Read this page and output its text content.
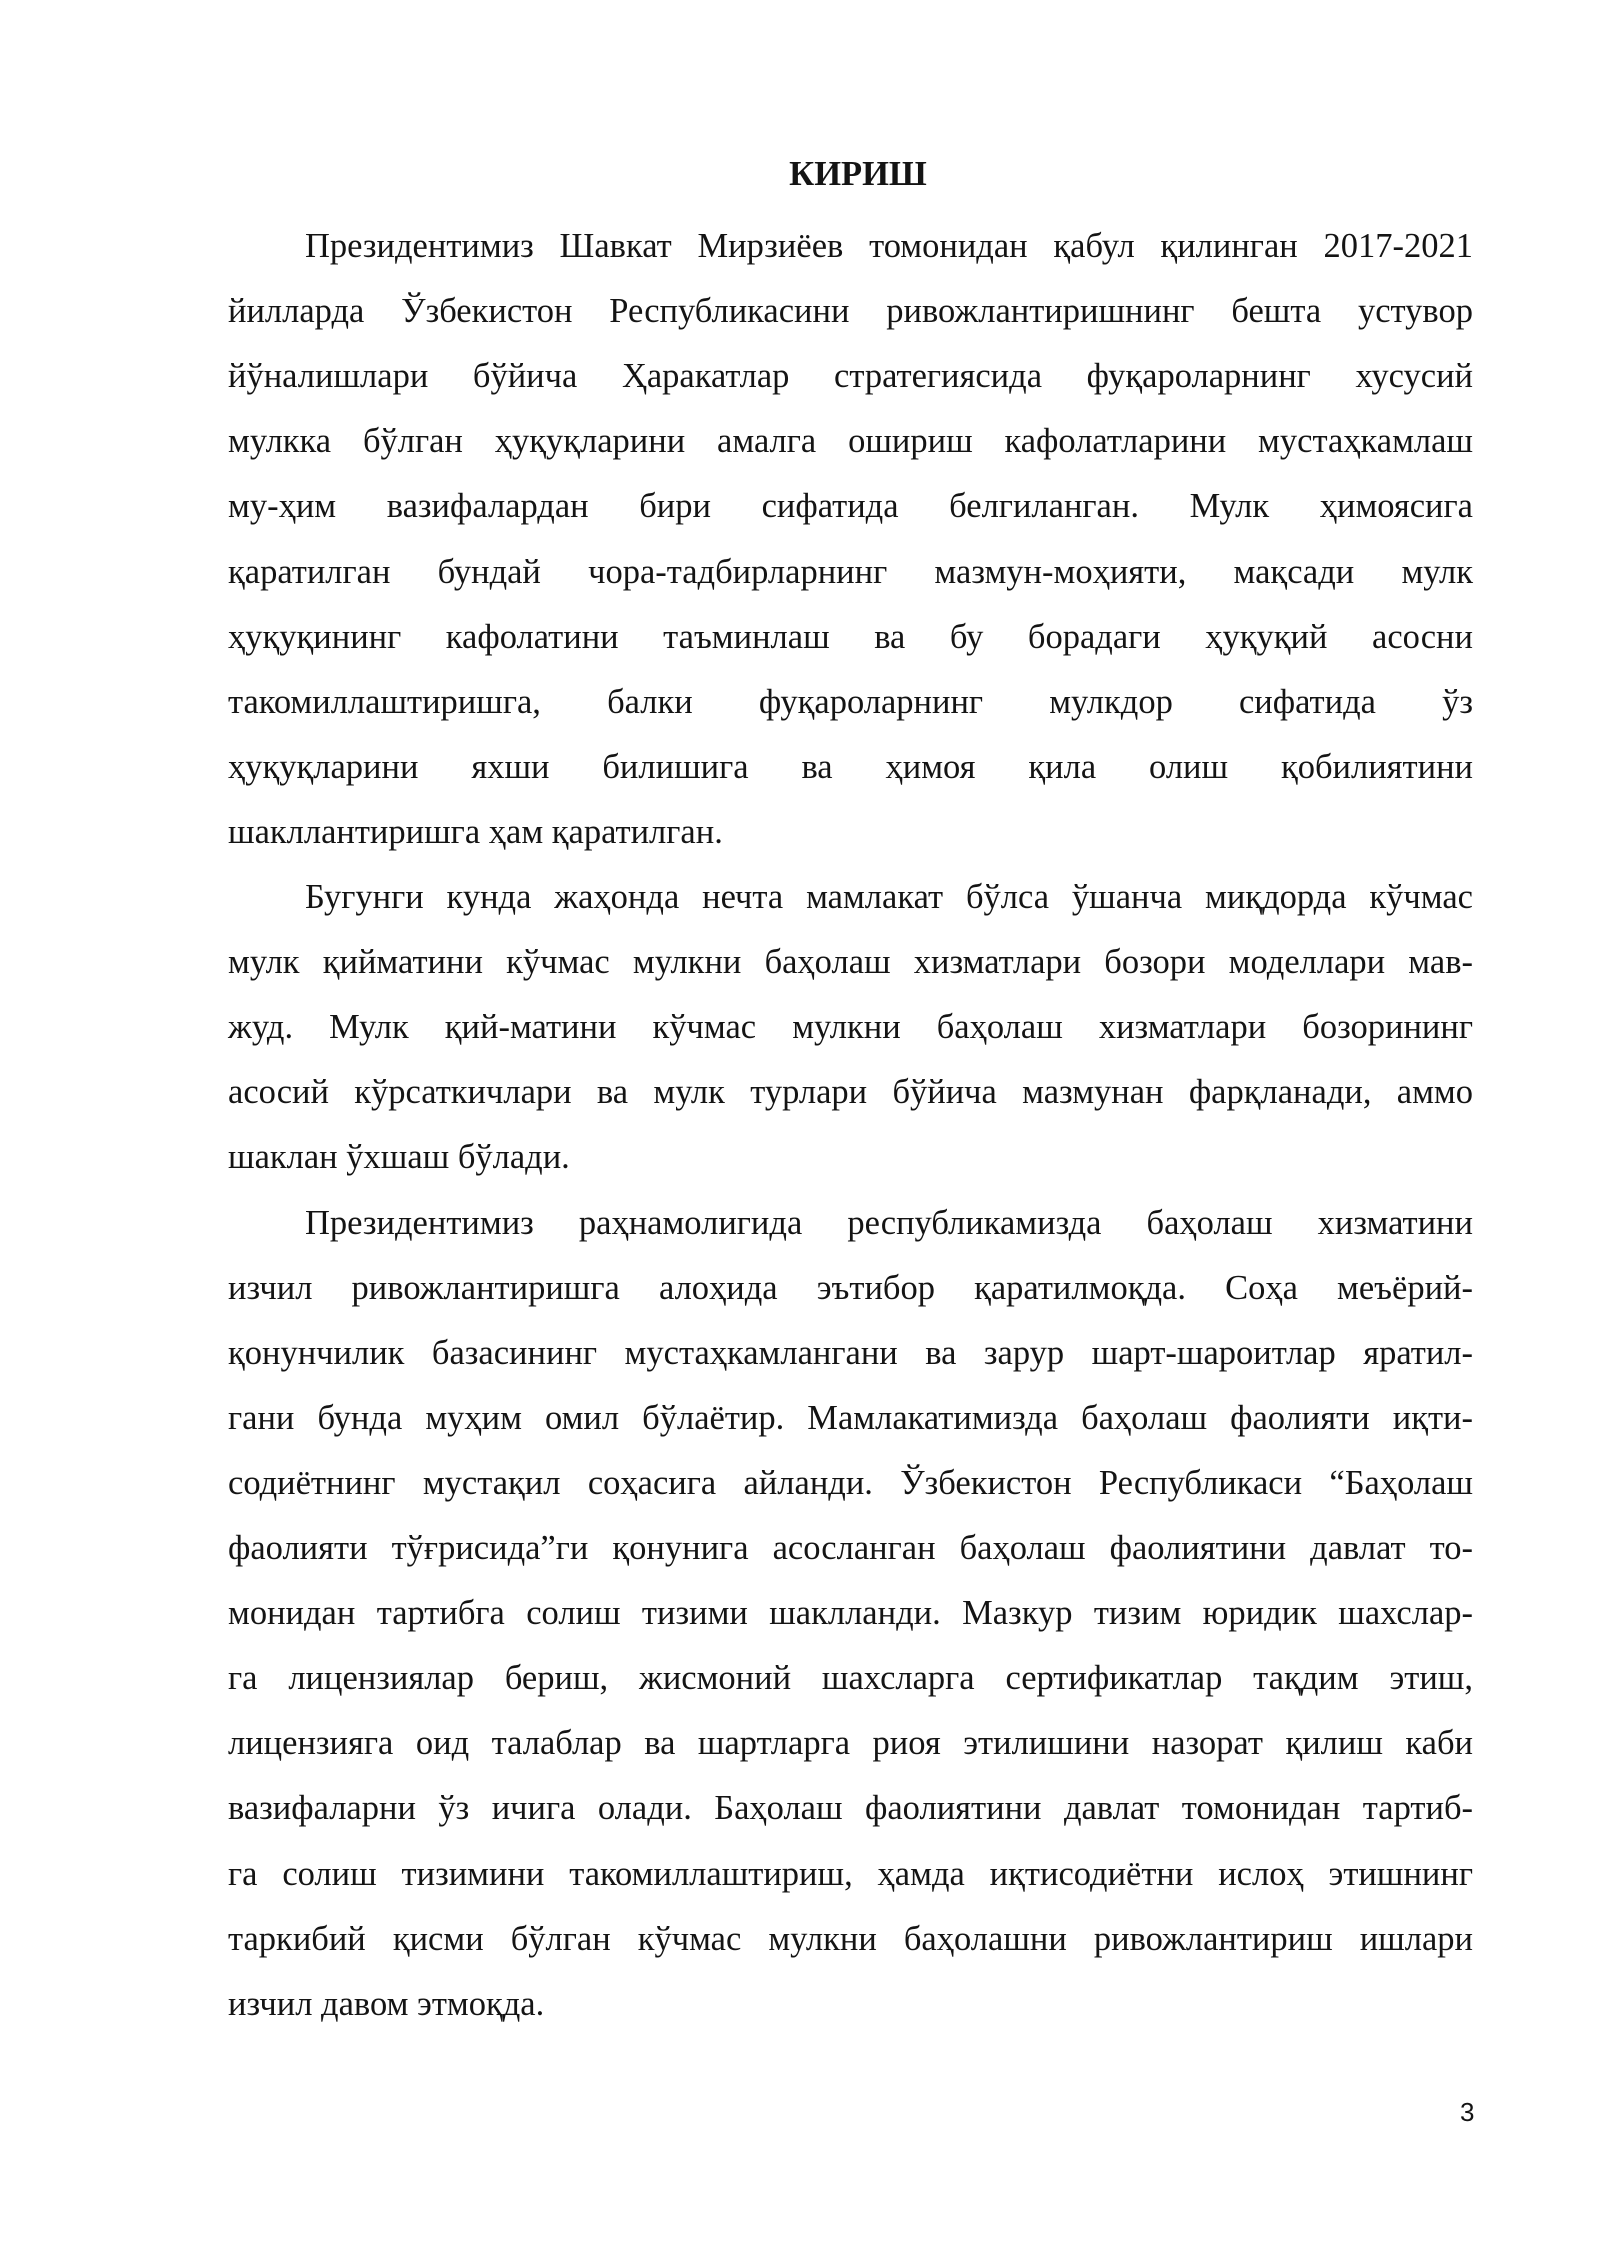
КИРИШ
Президентимиз Шавкат Мирзиёев томонидан қабул қилинган 2017-2021
йилларда Ўзбекистон Республикасини ривожлантиришнинг бешта устувор
йўналишлари бўйича Ҳаракатлар стратегиясида фуқароларнинг хусусий
мулкка бўлган ҳуқуқларини амалга ошириш кафолатларини мустаҳкамлаш
му-ҳим вазифалардан бири сифатида белгиланган. Мулк ҳимоясига
қаратилган бундай чора-тадбирларнинг мазмун-моҳияти, мақсади мулк
ҳуқуқининг кафолатини таъминлаш ва бу борадаги ҳуқуқий асосни
такомиллаштиришга, балки фуқароларнинг мулкдор сифатида ўз
ҳуқуқларини яхши билишига ва ҳимоя қила олиш қобилиятини
шакллантиришга ҳам қаратилган.
Бугунги кунда жаҳонда нечта мамлакат бўлса ўшанча миқдорда кўчмас
мулк қийматини кўчмас мулкни баҳолаш хизматлари бозори моделлари мав-
жуд. Мулк қий-матини кўчмас мулкни баҳолаш хизматлари бозорининг
асосий кўрсаткичлари ва мулк турлари бўйича мазмунан фарқланади, аммо
шаклан ўхшаш бўлади.
Президентимиз раҳнамолигида республикамизда баҳолаш хизматини
изчил ривожлантиришга алоҳида эътибор қаратилмоқда. Соҳа меъёрий-
қонунчилик базасининг мустаҳкамлангани ва зарур шарт-шароитлар яратил-
гани бунда муҳим омил бўлаётир. Мамлакатимизда баҳолаш фаолияти иқти-
содиётнинг мустақил соҳасига айланди. Ўзбекистон Республикаси “Баҳолаш
фаолияти тўғрисида”ги қонунига асосланган баҳолаш фаолиятини давлат то-
монидан тартибга солиш тизими шаклланди. Мазкур тизим юридик шахслар-
га лицензиялар бериш, жисмоний шахсларга сертификатлар тақдим этиш,
лицензияга оид талаблар ва шартларга риоя этилишини назорат қилиш каби
вазифаларни ўз ичига олади. Баҳолаш фаолиятини давлат томонидан тартиб-
га солиш тизимини такомиллаштириш, ҳамда иқтисодиётни ислоҳ этишнинг
таркибий қисми бўлган кўчмас мулкни баҳолашни ривожлантириш ишлари
изчил давом этмоқда.
3
